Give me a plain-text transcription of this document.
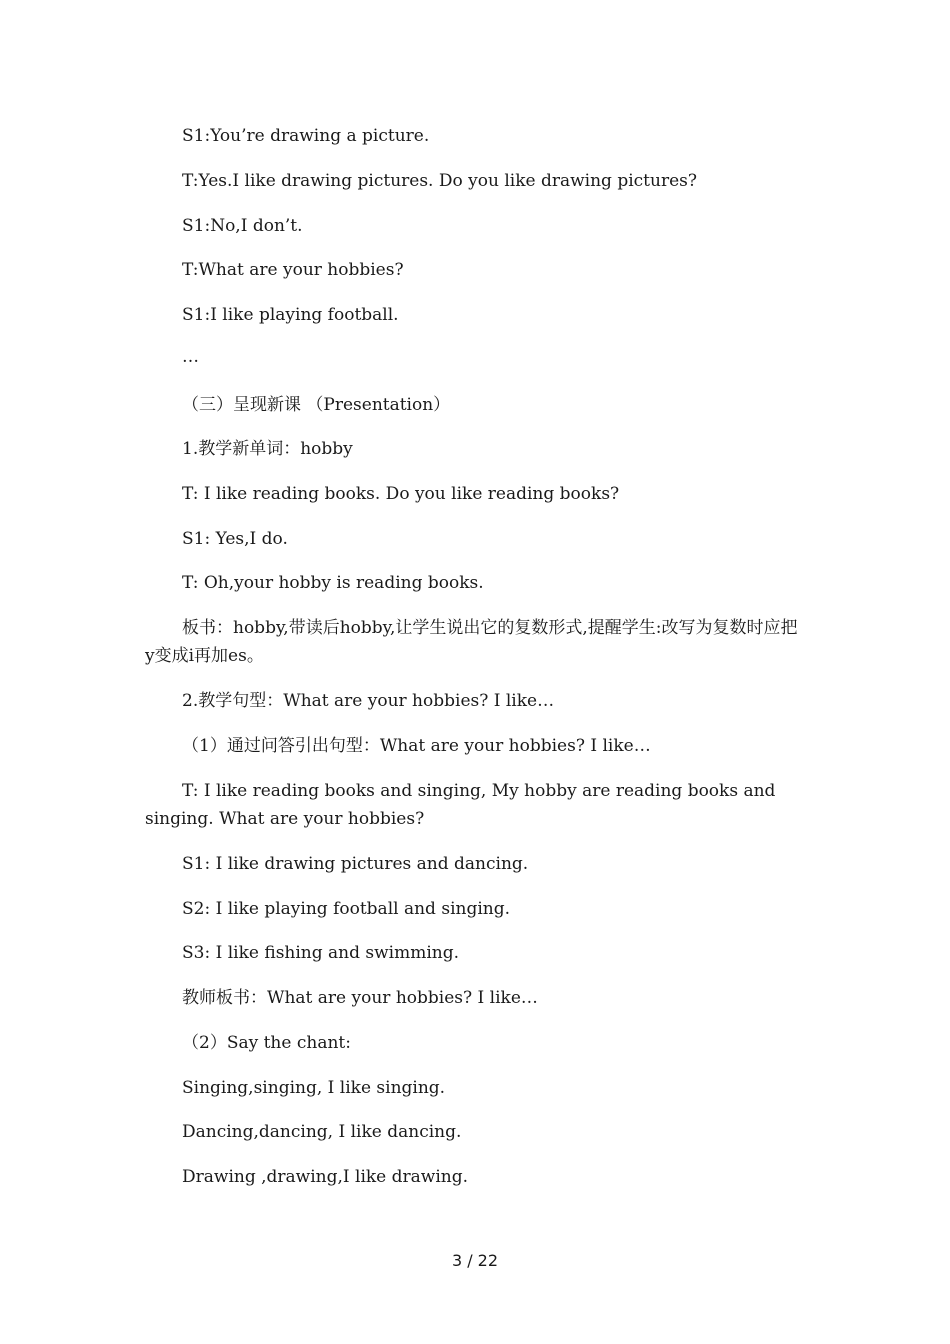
S1:You’re drawing a picture.
T:Yes.I like drawing pictures. Do you like drawing pictures?
S1:No,I don’t.
T:What are your hobbies?
S1:I like playing football.
…
（三）呈现新课 （Presentation）
1.教学新单词：hobby
T: I like reading books. Do you like reading books?
S1: Yes,I do.
T: Oh,your hobby is reading books.
板书：hobby,带读后hobby,让学生说出它的复数形式,提醒学生:改写为复数时应把y变成i再加es。
2.教学句型：What are your hobbies? I like…
（1）通过问答引出句型：What are your hobbies? I like…
T: I like reading books and singing, My hobby are reading books and singing. What are your hobbies?
S1: I like drawing pictures and dancing.
S2: I like playing football and singing.
S3: I like fishing and swimming.
教师板书：What are your hobbies? I like…
（2）Say the chant:
Singing,singing, I like singing.
Dancing,dancing, I like dancing.
Drawing ,drawing,I like drawing.
3 / 22
